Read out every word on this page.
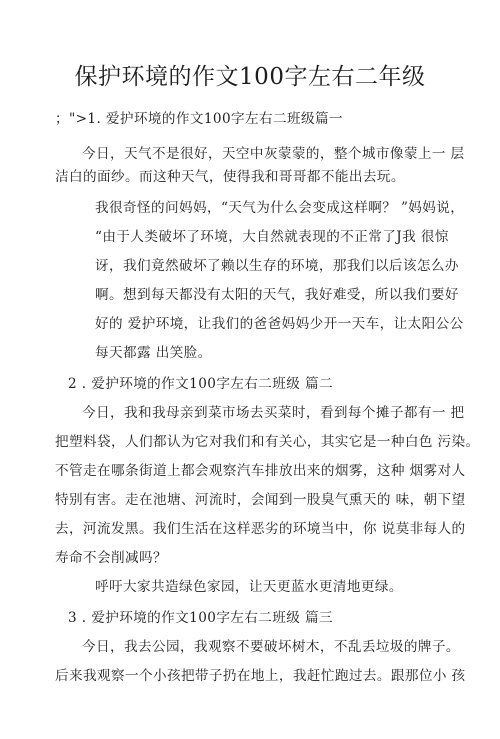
保护环境的作文100字左右二年级
；">1. 爱护环境的作文100字左右二班级篇一
今日，天气不是很好，天空中灰蒙蒙的，整个城市像蒙上一 层
洁白的面纱。而这种天气，使得我和哥哥都不能出去玩。
我很奇怪的问妈妈，“天气为什么会变成这样啊？ ”妈妈说，
“由于人类破坏了环境，大自然就表现的不正常了J我 很惊
讶，我们竟然破坏了赖以生存的环境，那我们以后该怎么办
啊。想到每天都没有太阳的天气，我好难受，所以我们要好
好的 爱护环境，让我们的爸爸妈妈少开一天车，让太阳公公
每天都露 出笑脸。
2 . 爱护环境的作文100字左右二班级 篇二
今日，我和我母亲到菜市场去买菜时，看到每个摊子都有一 把
把塑料袋，人们都认为它对我们和有关心，其实它是一种白色 污染。
不管走在哪条街道上都会观察汽车排放出来的烟雾，这种 烟雾对人
特别有害。走在池塘、河流时，会闻到一股臭气熏天的 味，朝下望
去，河流发黑。我们生活在这样恶劣的环境当中，你 说莫非每人的
寿命不会削减吗？
呼吁大家共造绿色家园，让天更蓝水更清地更绿。
3 . 爱护环境的作文100字左右二班级 篇三
今日，我去公园，我观察不要破坏树木，不乱丢垃圾的牌子。
后来我观察一个小孩把带子扔在地上，我赶忙跑过去。跟那位小 孩
